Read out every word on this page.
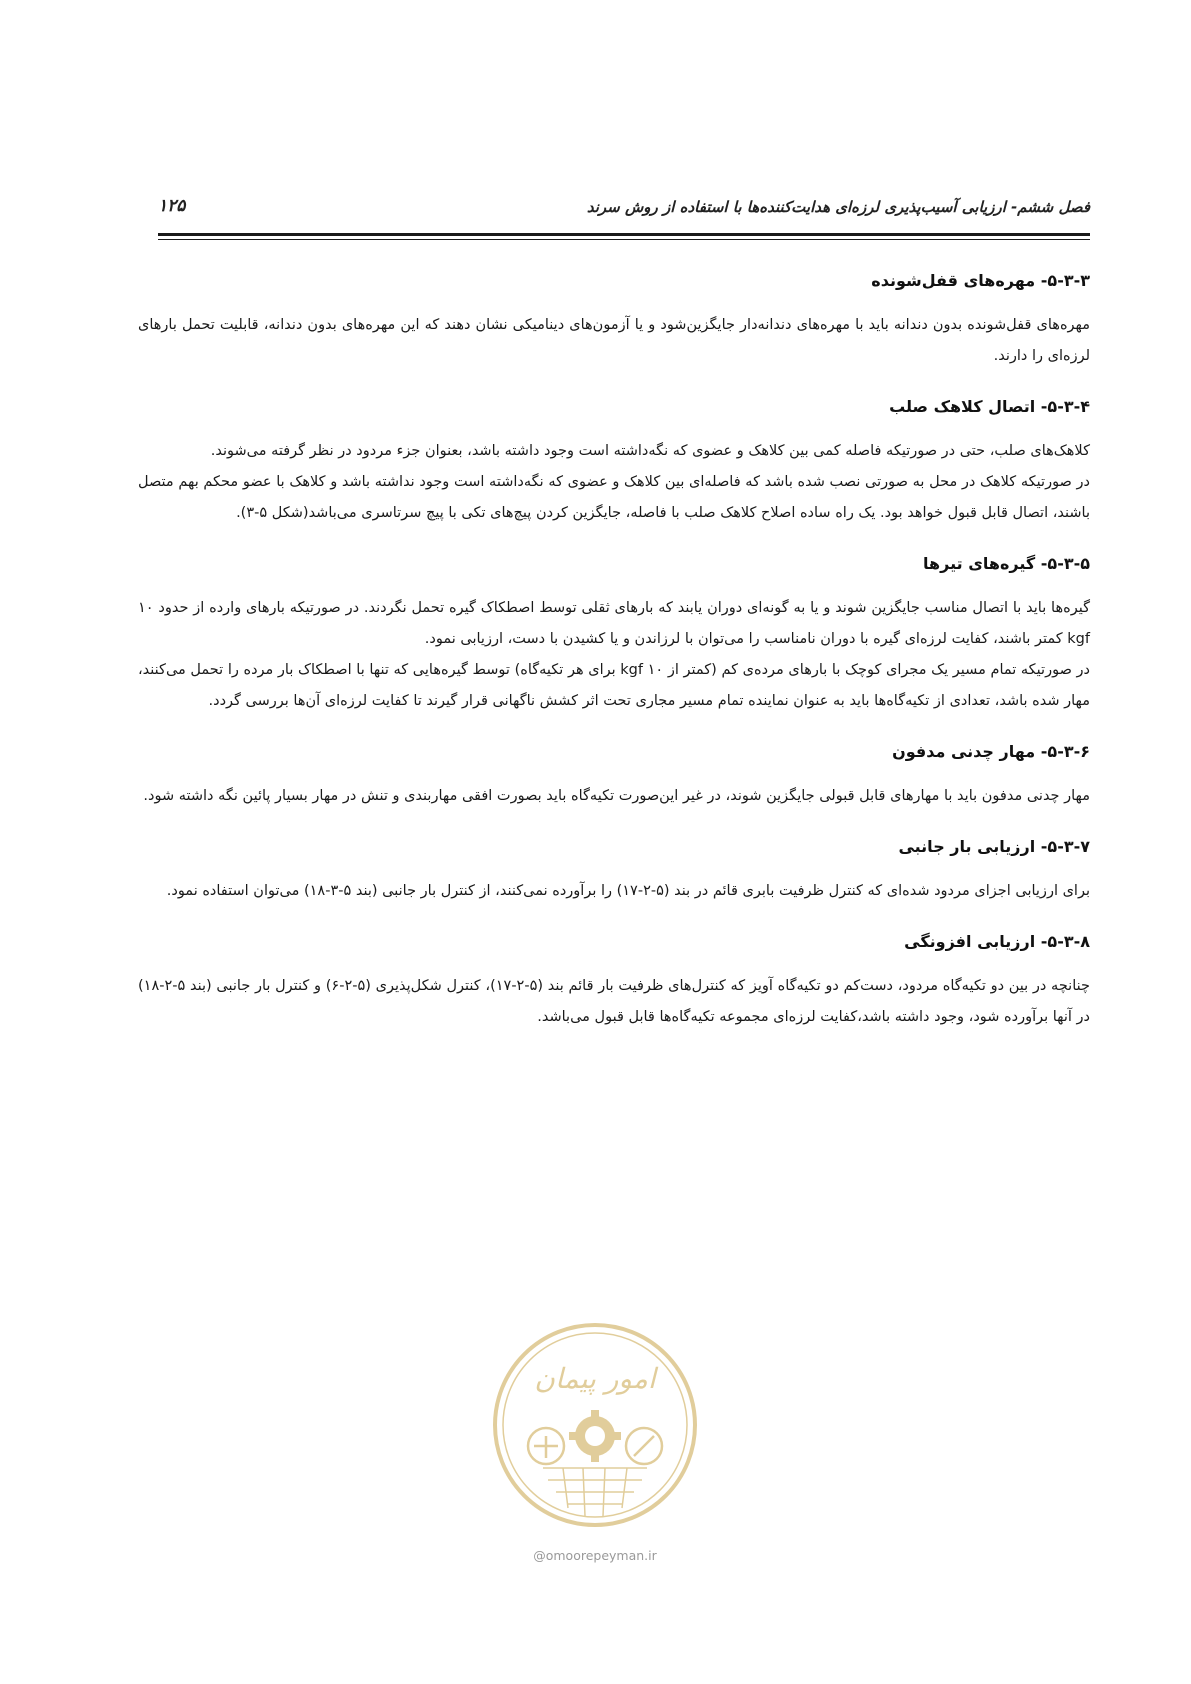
فصل ششم- ارزیابی آسیب‌پذیری لرزه‌ای هدایت‌کننده‌ها با استفاده از روش سرند
۱۲۵
۵-۳-۳- مهره‌های قفل‌شونده

مهره‌های قفل‌شونده بدون دندانه باید با مهره‌های دندانه‌دار جایگزین‌شود و یا آزمون‌های دینامیکی نشان دهند که این مهره‌های بدون دندانه، قابلیت تحمل بارهای لرزه‌ای را دارند.

۵-۳-۴- اتصال کلاهک صلب

کلاهک‌های صلب، حتی در صورتیکه فاصله کمی بین کلاهک و عضوی که نگه‌داشته است وجود داشته باشد، بعنوان جزء مردود در نظر گرفته می‌شوند.

در صورتیکه کلاهک در محل به صورتی نصب شده باشد که فاصله‌ای بین کلاهک و عضوی که نگه‌داشته است وجود نداشته باشد و کلاهک با عضو محکم بهم متصل باشند، اتصال قابل قبول خواهد بود. یک راه ساده اصلاح کلاهک صلب با فاصله، جایگزین کردن پیچ‌های تکی با پیچ سرتاسری می‌باشد(شکل ۵-۳).

۵-۳-۵- گیره‌های تیرها

گیره‌ها باید با اتصال مناسب جایگزین شوند و یا به گونه‌ای دوران یابند که بارهای ثقلی توسط اصطکاک گیره تحمل نگردند. در صورتیکه بارهای وارده از حدود ۱۰ kgf کمتر باشند، کفایت لرزه‌ای گیره با دوران نامناسب را می‌توان با لرزاندن و یا کشیدن با دست، ارزیابی نمود.

در صورتیکه تمام مسیر یک مجرای کوچک با بارهای مرده‌ی کم (کمتر از ۱۰ kgf برای هر تکیه‌گاه) توسط گیره‌هایی که تنها با اصطکاک بار مرده را تحمل می‌کنند، مهار شده باشد، تعدادی از تکیه‌گاه‌ها باید به عنوان نماینده تمام مسیر مجاری تحت اثر کشش ناگهانی قرار گیرند تا کفایت لرزه‌ای آن‌ها بررسی گردد.

۵-۳-۶- مهار چدنی مدفون

مهار چدنی مدفون باید با مهارهای قابل قبولی جایگزین شوند، در غیر این‌صورت تکیه‌گاه باید بصورت افقی مهاربندی و تنش در مهار بسیار پائین نگه داشته شود.

۵-۳-۷- ارزیابی بار جانبی

برای ارزیابی اجزای مردود شده‌ای که کنترل ظرفیت بابری قائم در بند (۵-۲-۱۷) را برآورده نمی‌کنند، از کنترل بار جانبی (بند ۵-۳-۱۸) می‌توان استفاده نمود.

۵-۳-۸- ارزیابی افزونگی

چنانچه در بین دو تکیه‌گاه مردود، دست‌کم دو تکیه‌گاه آویز که کنترل‌های ظرفیت بار قائم بند (۵-۲-۱۷)، کنترل شکل‌پذیری (۵-۲-۶) و کنترل بار جانبی (بند ۵-۲-۱۸) در آنها برآورده شود، وجود داشته باشد،کفایت لرزه‌ای مجموعه تکیه‌گاه‌ها قابل قبول می‌باشد.

امور پیمان
@omoorepeyman.ir
